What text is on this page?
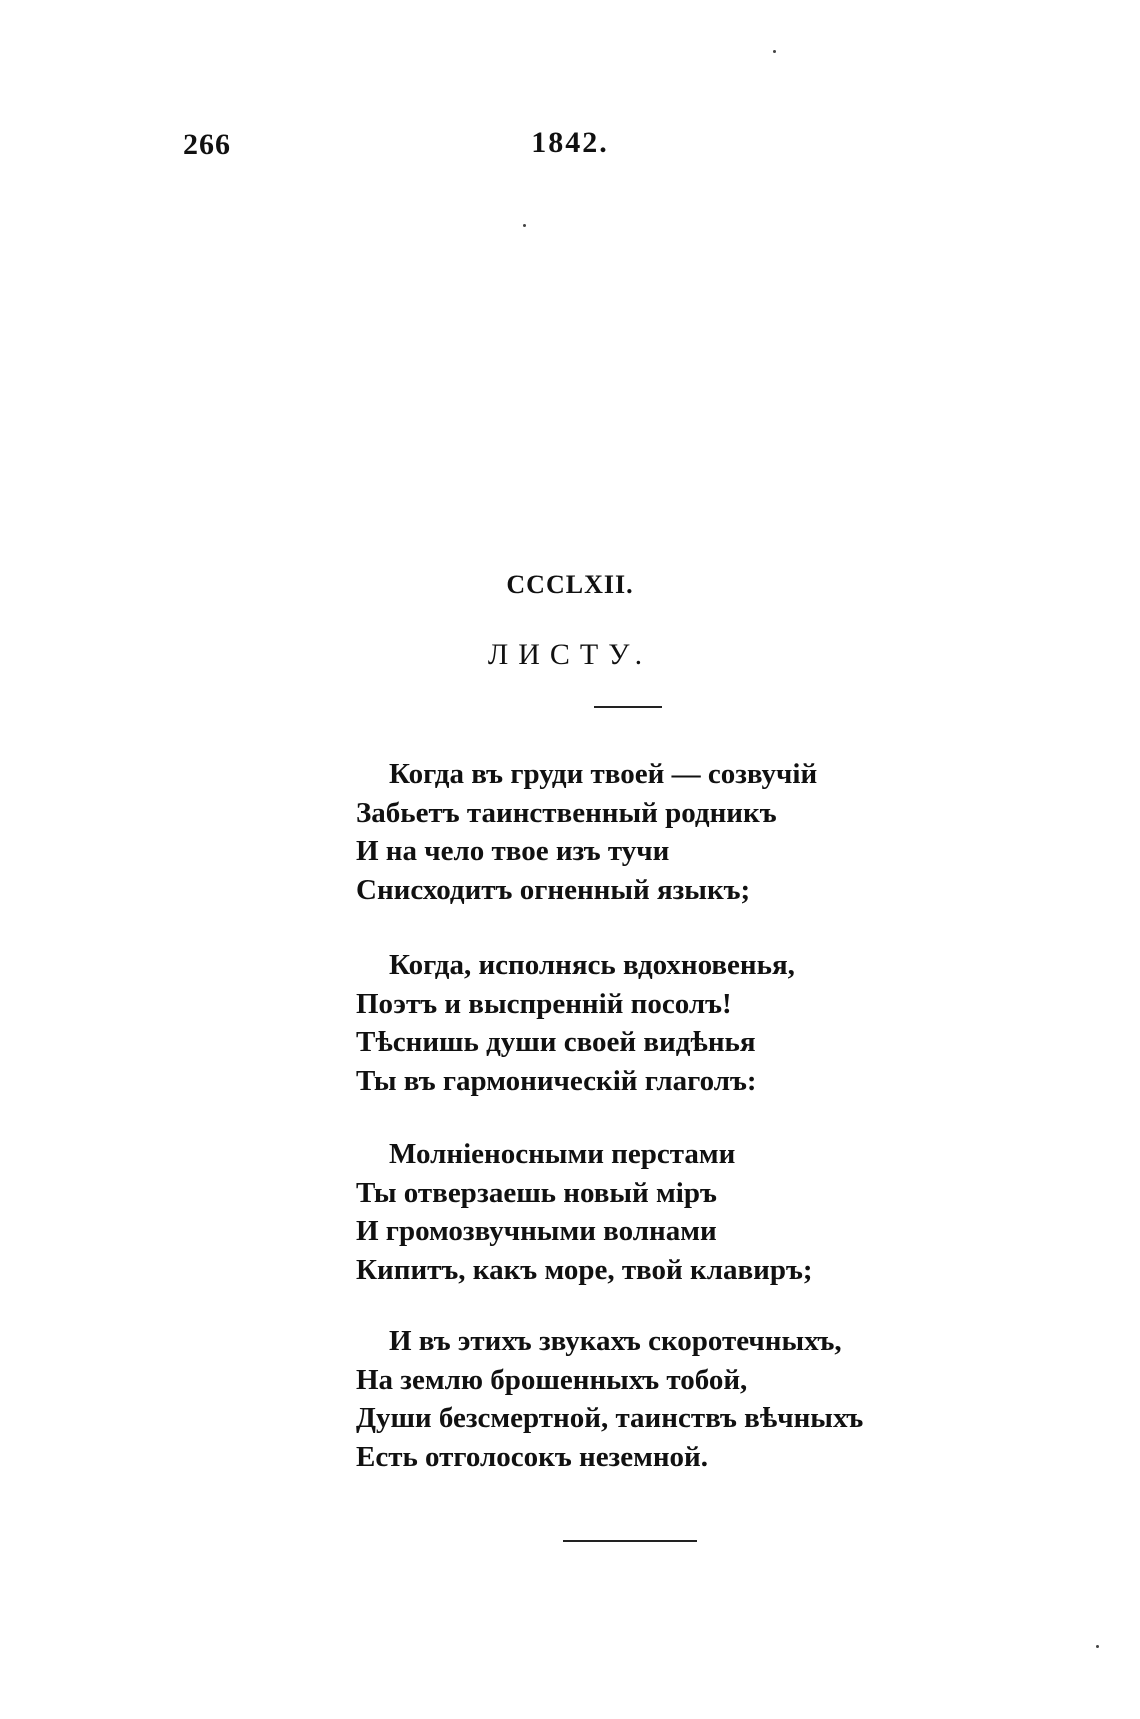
266	1842.
CCCLXII.
ЛИСТУ.
Когда въ груди твоей — созвучій
Забьетъ таинственный родникъ
И на чело твое изъ тучи
Снисходитъ огненный языкъ;
Когда, исполнясь вдохновенья,
Поэтъ и выспренній посолъ!
Тѣснишь души своей видѣнья
Ты въ гармоническій глаголъ:
Молніеносными перстами
Ты отверзаешь новый міръ
И громозвучными волнами
Кипитъ, какъ море, твой клавиръ;
И въ этихъ звукахъ скоротечныхъ,
На землю брошенныхъ тобой,
Души безсмертной, таинствъ вѣчныхъ
Есть отголосокъ неземной.
